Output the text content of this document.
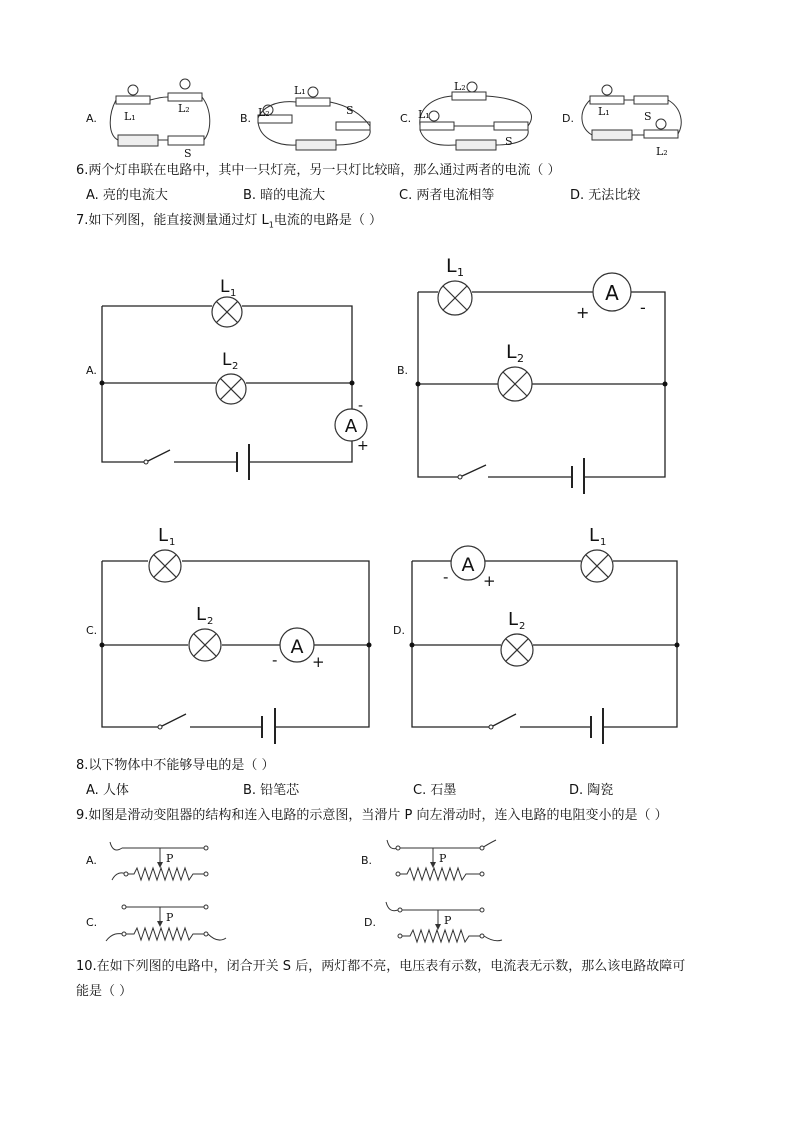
A. L₁
L₂
S
B.
L₁
L₂	S
C.
L₂
L₁
S
D.
L₁	S
L₂
6.两个灯串联在电路中，其中一只灯亮，另一只灯比较暗，那么通过两者的电流（ ）
A. 亮的电流大	B. 暗的电流大	C. 两者电流相等	D. 无法比较
7.如下列图，能直接测量通过灯 $L_1$电流的电路是（ ）
A.
A
-
+
L 1
L 2	B.
A
+	-
L 1
L 2
C.
A
- +
L 1
L 2
D.
A
- +
L 1
L 2
8.以下物体中不能够导电的是（ ）
A. 人体	B. 铅笔芯	C. 石墨	D. 陶瓷
9.如图是滑动变阻器的结构和连入电路的示意图，当滑片 P 向左滑动时，连入电路的电阻变小的是（ ）
A.	P	B.	P
C.	P	D.	P
10.在如下列图的电路中，闭合开关 S 后，两灯都不亮，电压表有示数，电流表无示数，那么该电路故障可
能是（ ）
